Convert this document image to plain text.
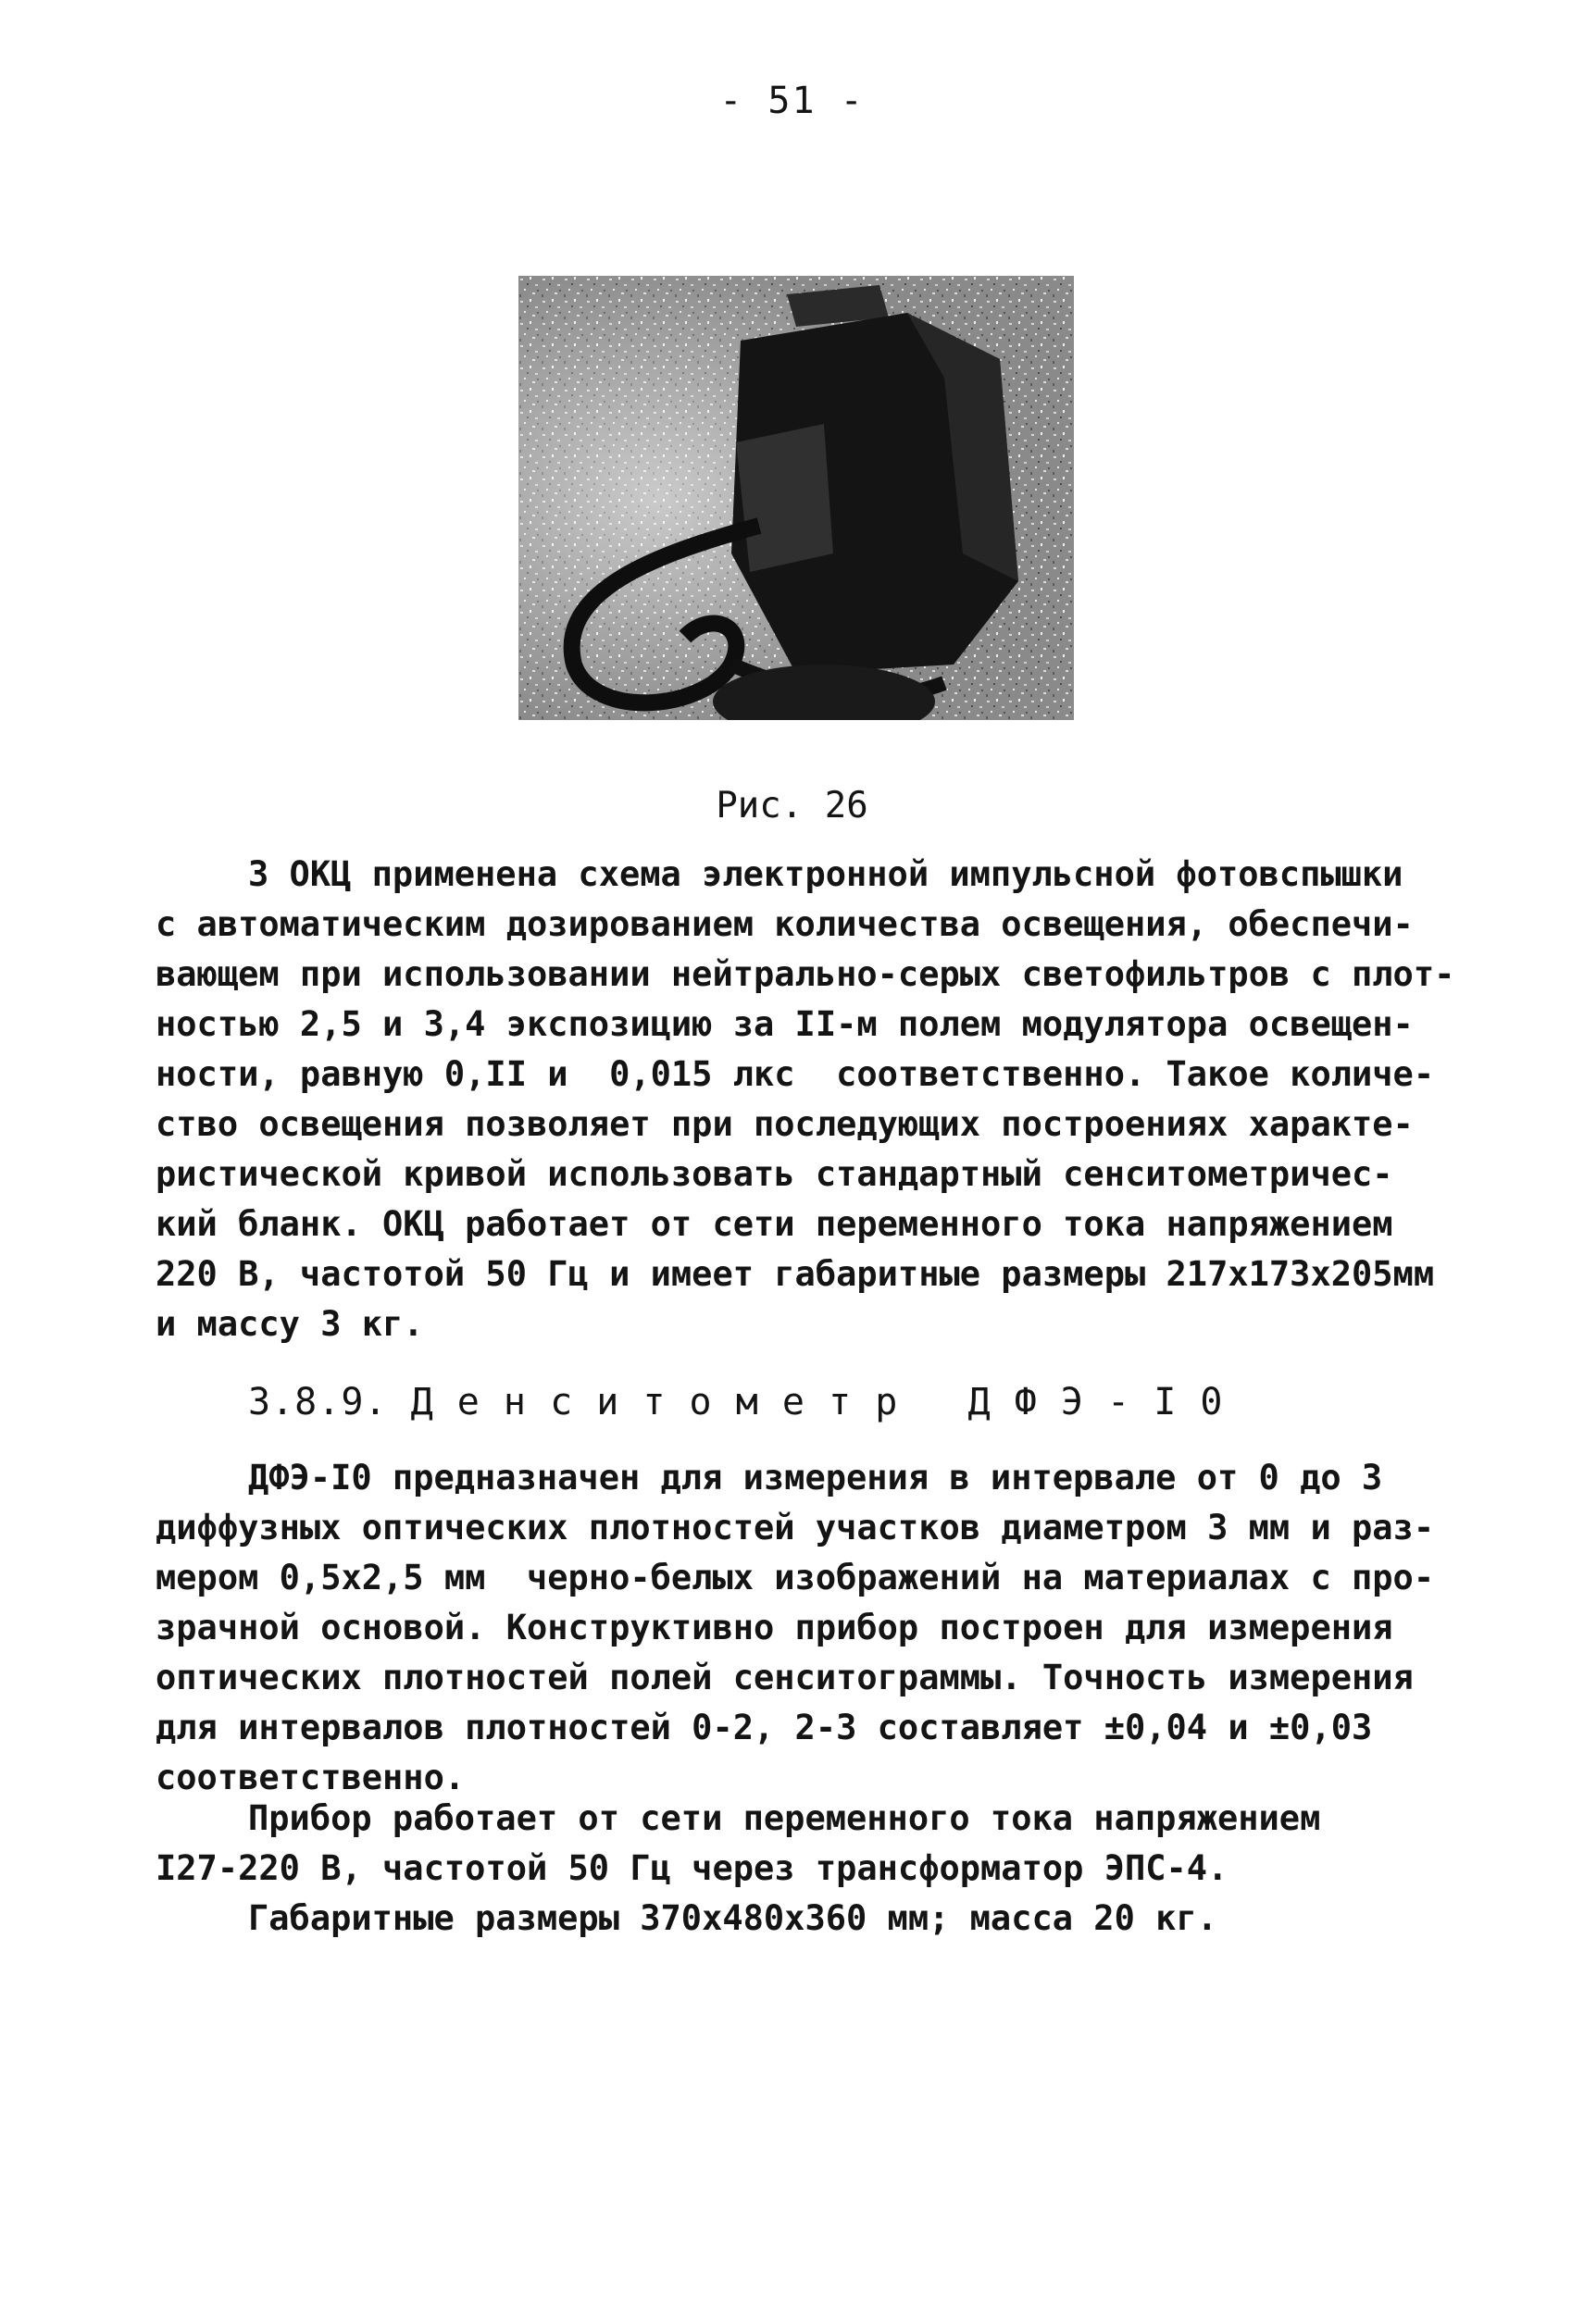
- 51 -
Рис. 26
З ОКЦ применена схема электронной импульсной фотовспышки
с автоматическим дозированием количества освещения, обеспечи-
вающем при использовании нейтрально-серых светофильтров с плот-
ностью 2,5 и 3,4 экспозицию за II-м полем модулятора освещен-
ности, равную 0,II и  0,015 лкс  соответственно. Такое количе-
ство освещения позволяет при последующих построениях характе-
ристической кривой использовать стандартный сенситометричес-
кий бланк. ОКЦ работает от сети переменного тока напряжением
220 В, частотой 50 Гц и имеет габаритные размеры 217х173х205мм
и массу 3 кг.
3.8.9. Д е н с и т о м е т р   Д Ф Э - I 0
ДФЭ-I0 предназначен для измерения в интервале от 0 до 3
диффузных оптических плотностей участков диаметром 3 мм и раз-
мером 0,5х2,5 мм  черно-белых изображений на материалах с про-
зрачной основой. Конструктивно прибор построен для измерения
оптических плотностей полей сенситограммы. Точность измерения
для интервалов плотностей 0-2, 2-3 составляет ±0,04 и ±0,03
соответственно.
Прибор работает от сети переменного тока напряжением
I27-220 В, частотой 50 Гц через трансформатор ЭПС-4.
Габаритные размеры 370х480х360 мм; масса 20 кг.
